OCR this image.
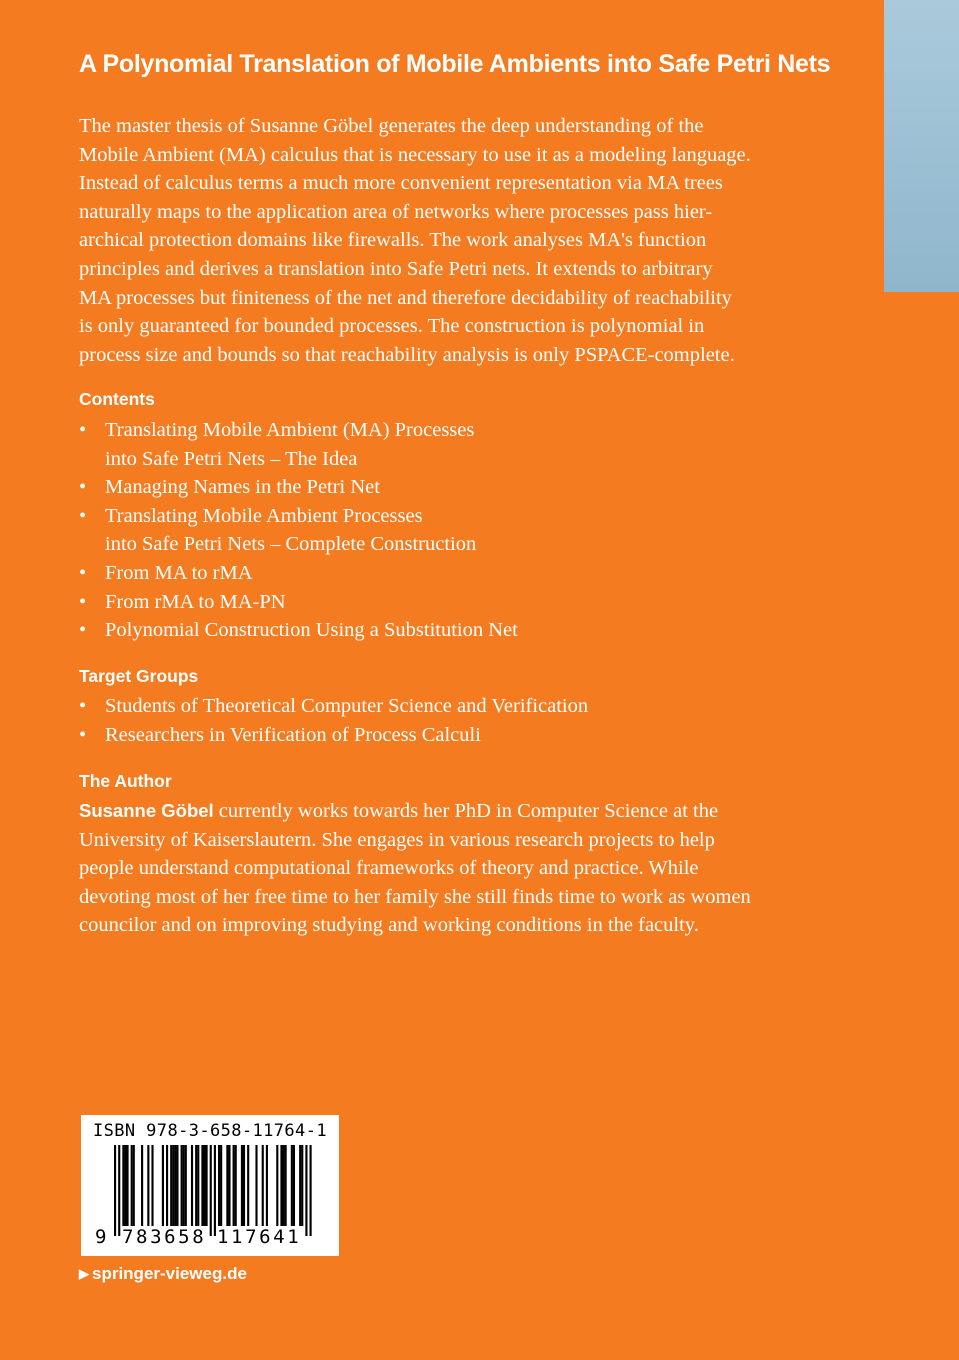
A Polynomial Translation of Mobile Ambients into Safe Petri Nets

The master thesis of Susanne Göbel generates the deep understanding of the
Mobile Ambient (MA) calculus that is necessary to use it as a modeling language.
Instead of calculus terms a much more convenient representation via MA trees
naturally maps to the application area of networks where processes pass hier-
archical protection domains like firewalls. The work analyses MA's function
principles and derives a translation into Safe Petri nets. It extends to arbitrary
MA processes but finiteness of the net and therefore decidability of reachability
is only guaranteed for bounded processes. The construction is polynomial in
process size and bounds so that reachability analysis is only PSPACE-complete.

Contents
• Translating Mobile Ambient (MA) Processes
into Safe Petri Nets – The Idea
• Managing Names in the Petri Net
• Translating Mobile Ambient Processes
into Safe Petri Nets – Complete Construction
• From MA to rMA
• From rMA to MA-PN
• Polynomial Construction Using a Substitution Net
Target Groups
• Students of Theoretical Computer Science and Verification
• Researchers in Verification of Process Calculi
The Author

Susanne Göbel currently works towards her PhD in Computer Science at the
University of Kaiserslautern. She engages in various research projects to help
people understand computational frameworks of theory and practice. While
devoting most of her free time to her family she still finds time to work as women
councilor and on improving studying and working conditions in the faculty.

ISBN 978-3-658-11764-1
9 783658 117641
▶ springer-vieweg.de
